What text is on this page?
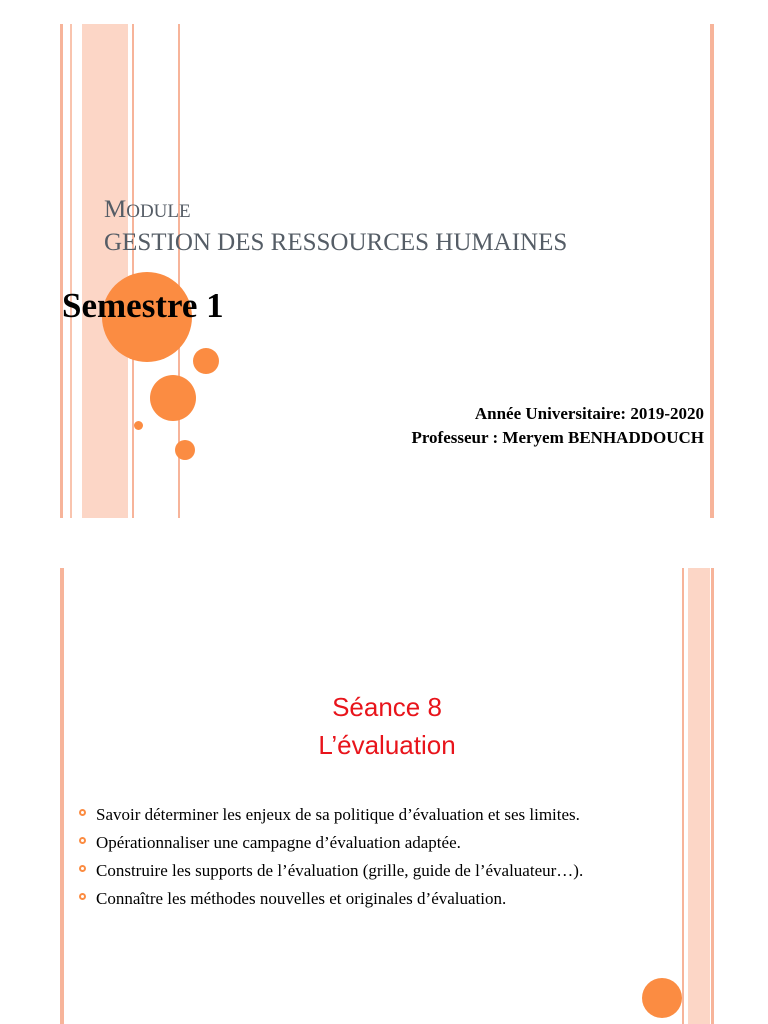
MODULE
GESTION DES RESSOURCES HUMAINES
Semestre 1
Année Universitaire: 2019-2020
Professeur : Meryem BENHADDOUCH
Séance 8
L’évaluation
Savoir déterminer les enjeux de sa politique d’évaluation et ses limites.
Opérationnaliser une campagne d’évaluation adaptée.
Construire les supports de l’évaluation (grille, guide de l’évaluateur…).
Connaître les méthodes nouvelles et originales d’évaluation.
